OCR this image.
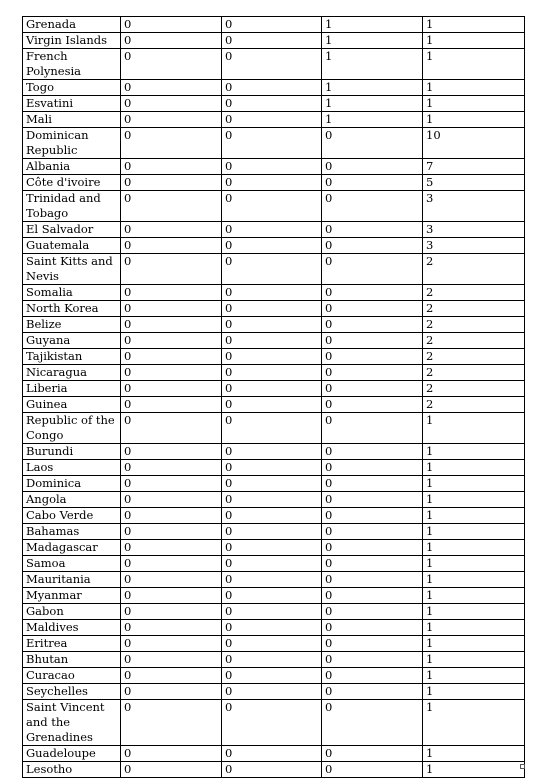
Grenada	0	0	1	1
Virgin Islands	0	0	1	1
French Polynesia	0	0	1	1
Togo	0	0	1	1
Esvatini	0	0	1	1
Mali	0	0	1	1
Dominican Republic	0	0	0	10
Albania	0	0	0	7
Côte d'ivoire	0	0	0	5
Trinidad and Tobago	0	0	0	3
El Salvador	0	0	0	3
Guatemala	0	0	0	3
Saint Kitts and Nevis	0	0	0	2
Somalia	0	0	0	2
North Korea	0	0	0	2
Belize	0	0	0	2
Guyana	0	0	0	2
Tajikistan	0	0	0	2
Nicaragua	0	0	0	2
Liberia	0	0	0	2
Guinea	0	0	0	2
Republic of the Congo	0	0	0	1
Burundi	0	0	0	1
Laos	0	0	0	1
Dominica	0	0	0	1
Angola	0	0	0	1
Cabo Verde	0	0	0	1
Bahamas	0	0	0	1
Madagascar	0	0	0	1
Samoa	0	0	0	1
Mauritania	0	0	0	1
Myanmar	0	0	0	1
Gabon	0	0	0	1
Maldives	0	0	0	1
Eritrea	0	0	0	1
Bhutan	0	0	0	1
Curacao	0	0	0	1
Seychelles	0	0	0	1
Saint Vincent and the Grenadines	0	0	0	1
Guadeloupe	0	0	0	1
Lesotho	0	0	0	1
